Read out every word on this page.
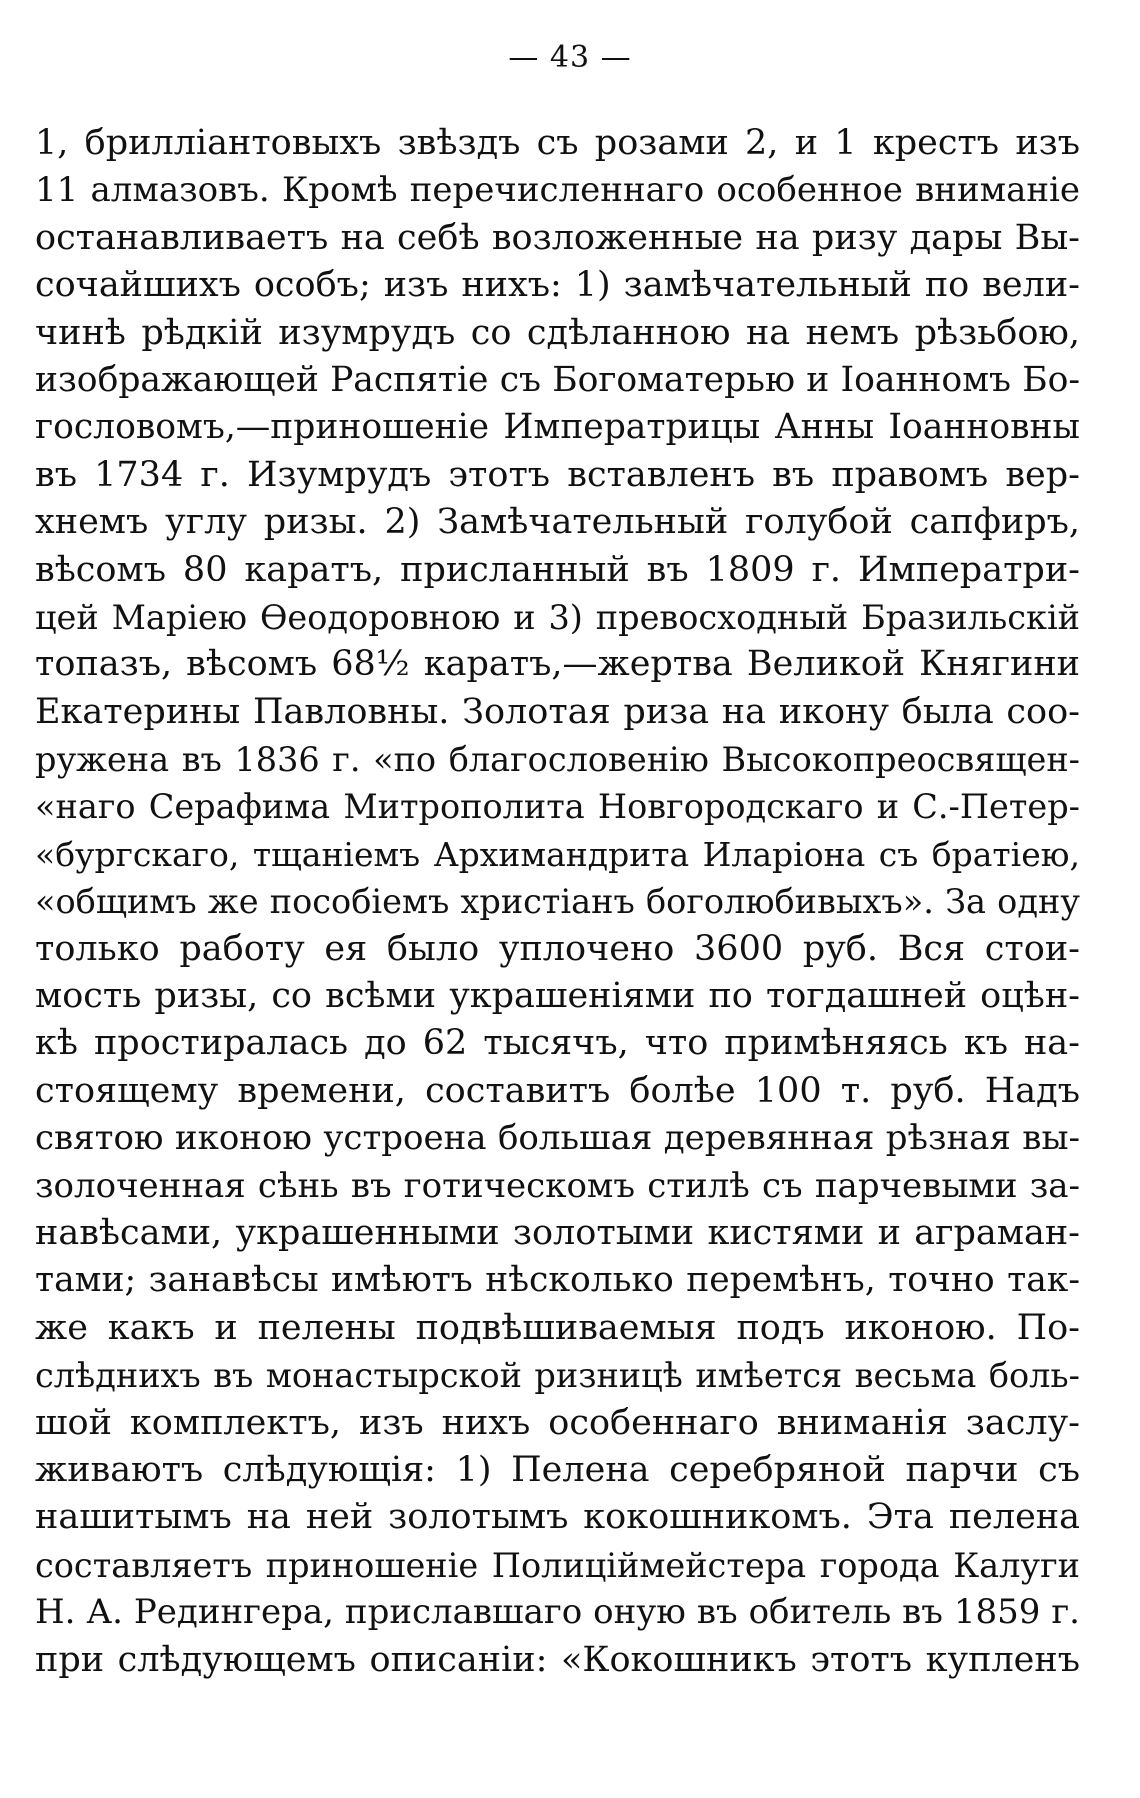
— 43 —
1, бриллiантовыхъ звѣздъ съ розами 2, и 1 крестъ изъ
11 алмазовъ. Кромѣ перечисленнаго особенное вниманiе
останавливаетъ на себѣ возложенные на ризу дары Вы-
сочайшихъ особъ; изъ нихъ: 1) замѣчательный по вели-
чинѣ рѣдкiй изумрудъ со сдѣланною на немъ рѣзьбою,
изображающей Распятiе съ Богоматерью и Iоанномъ Бо-
гословомъ,—приношенiе Императрицы Анны Iоанновны
въ 1734 г. Изумрудъ этотъ вставленъ въ правомъ вер-
хнемъ углу ризы. 2) Замѣчательный голубой сапфиръ,
вѣсомъ 80 каратъ, присланный въ 1809 г. Императри-
цей Марiею Ѳеодоровною и 3) превосходный Бразильскiй
топазъ, вѣсомъ 68½ каратъ,—жертва Великой Княгини
Екатерины Павловны. Золотая риза на икону была соо-
ружена въ 1836 г. «по благословенiю Высокопреосвящен-
«наго Серафима Митрополита Новгородскаго и С.-Петер-
«бургскаго, тщанiемъ Архимандрита Иларiона съ братiею,
«общимъ же пособiемъ христiанъ боголюбивыхъ». За одну
только работу ея было уплочено 3600 руб. Вся стои-
мость ризы, со всѣми украшенiями по тогдашней оцѣн-
кѣ простиралась до 62 тысячъ, что примѣняясь къ на-
стоящему времени, составитъ болѣе 100 т. руб. Надъ
святою иконою устроена большая деревянная рѣзная вы-
золоченная сѣнь въ готическомъ стилѣ съ парчевыми за-
навѣсами, украшенными золотыми кистями и аграман-
тами; занавѣсы имѣютъ нѣсколько перемѣнъ, точно так-
же какъ и пелены подвѣшиваемыя подъ иконою. По-
слѣднихъ въ монастырской ризницѣ имѣется весьма боль-
шой комплектъ, изъ нихъ особеннаго вниманiя заслу-
живаютъ слѣдующiя: 1) Пелена серебряной парчи съ
нашитымъ на ней золотымъ кокошникомъ. Эта пелена
составляетъ приношенiе Полицiймейстера города Калуги
Н. А. Редингера, приславшаго оную въ обитель въ 1859 г.
при слѣдующемъ описанiи: «Кокошникъ этотъ купленъ
